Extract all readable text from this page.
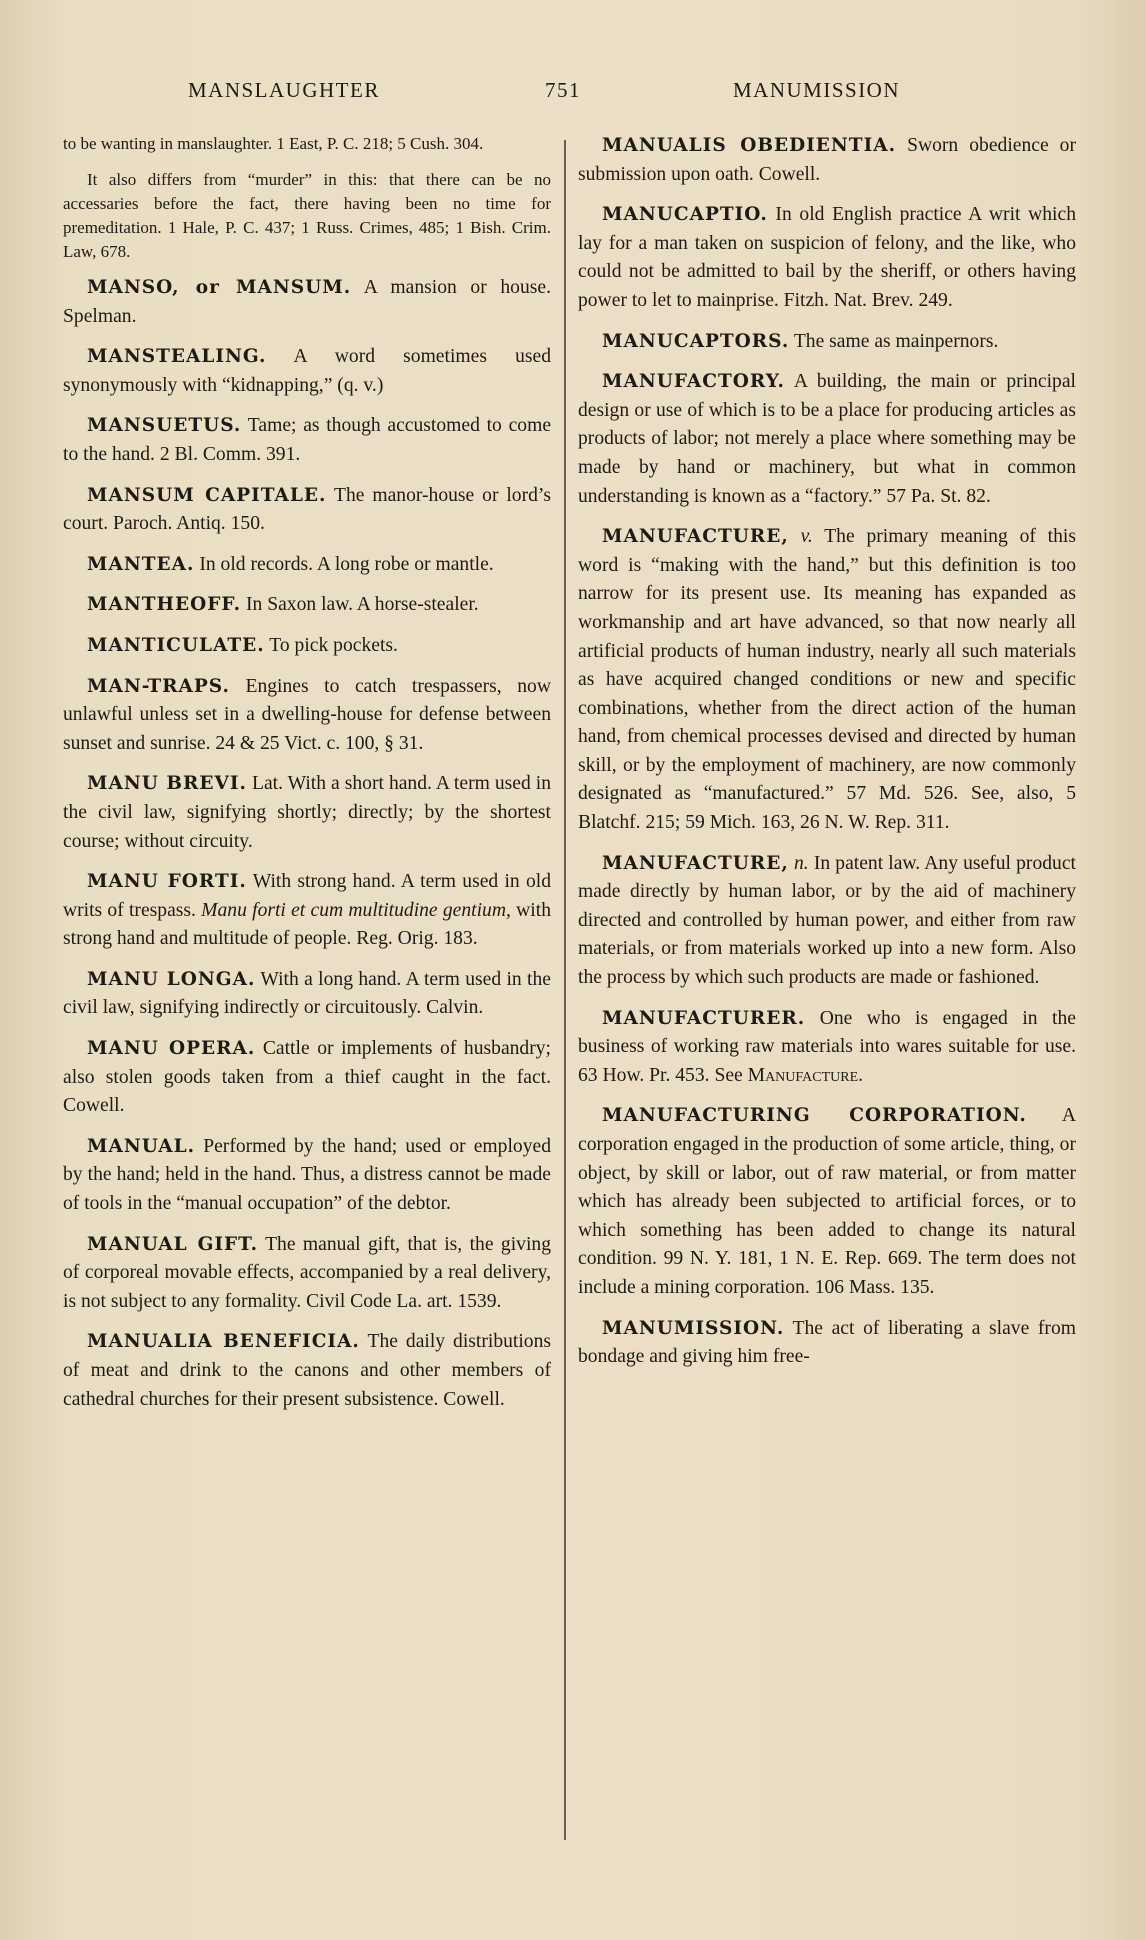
MANSLAUGHTER	751	MANUMISSION

to be wanting in manslaughter. 1 East, P. C. 218; 5 Cush. 304.

It also differs from “murder” in this: that there can be no accessaries before the fact, there having been no time for premeditation. 1 Hale, P. C. 437; 1 Russ. Crimes, 485; 1 Bish. Crim. Law, 678.

MANSO, or MANSUM. A mansion or house. Spelman.

MANSTEALING. A word sometimes used synonymously with “kidnapping,” (q. v.)

MANSUETUS. Tame; as though accustomed to come to the hand. 2 Bl. Comm. 391.

MANSUM CAPITALE. The manor-house or lord’s court. Paroch. Antiq. 150.

MANTEA. In old records. A long robe or mantle.

MANTHEOFF. In Saxon law. A horse-stealer.

MANTICULATE. To pick pockets.

MAN-TRAPS. Engines to catch trespassers, now unlawful unless set in a dwelling-house for defense between sunset and sunrise. 24 & 25 Vict. c. 100, § 31.

MANU BREVI. Lat. With a short hand. A term used in the civil law, signifying shortly; directly; by the shortest course; without circuity.

MANU FORTI. With strong hand. A term used in old writs of trespass. Manu forti et cum multitudine gentium, with strong hand and multitude of people. Reg. Orig. 183.

MANU LONGA. With a long hand. A term used in the civil law, signifying indirectly or circuitously. Calvin.

MANU OPERA. Cattle or implements of husbandry; also stolen goods taken from a thief caught in the fact. Cowell.

MANUAL. Performed by the hand; used or employed by the hand; held in the hand. Thus, a distress cannot be made of tools in the “manual occupation” of the debtor.

MANUAL GIFT. The manual gift, that is, the giving of corporeal movable effects, accompanied by a real delivery, is not subject to any formality. Civil Code La. art. 1539.

MANUALIA BENEFICIA. The daily distributions of meat and drink to the canons and other members of cathedral churches for their present subsistence. Cowell.

MANUALIS OBEDIENTIA. Sworn obedience or submission upon oath. Cowell.

MANUCAPTIO. In old English practice A writ which lay for a man taken on suspicion of felony, and the like, who could not be admitted to bail by the sheriff, or others having power to let to mainprise. Fitzh. Nat. Brev. 249.

MANUCAPTORS. The same as mainpernors.

MANUFACTORY. A building, the main or principal design or use of which is to be a place for producing articles as products of labor; not merely a place where something may be made by hand or machinery, but what in common understanding is known as a “factory.” 57 Pa. St. 82.

MANUFACTURE, v. The primary meaning of this word is “making with the hand,” but this definition is too narrow for its present use. Its meaning has expanded as workmanship and art have advanced, so that now nearly all artificial products of human industry, nearly all such materials as have acquired changed conditions or new and specific combinations, whether from the direct action of the human hand, from chemical processes devised and directed by human skill, or by the employment of machinery, are now commonly designated as “manufactured.” 57 Md. 526. See, also, 5 Blatchf. 215; 59 Mich. 163, 26 N. W. Rep. 311.

MANUFACTURE, n. In patent law. Any useful product made directly by human labor, or by the aid of machinery directed and controlled by human power, and either from raw materials, or from materials worked up into a new form. Also the process by which such products are made or fashioned.

MANUFACTURER. One who is engaged in the business of working raw materials into wares suitable for use. 63 How. Pr. 453. See Manufacture.

MANUFACTURING CORPORATION. A corporation engaged in the production of some article, thing, or object, by skill or labor, out of raw material, or from matter which has already been subjected to artificial forces, or to which something has been added to change its natural condition. 99 N. Y. 181, 1 N. E. Rep. 669. The term does not include a mining corporation. 106 Mass. 135.

MANUMISSION. The act of liberating a slave from bondage and giving him free-
